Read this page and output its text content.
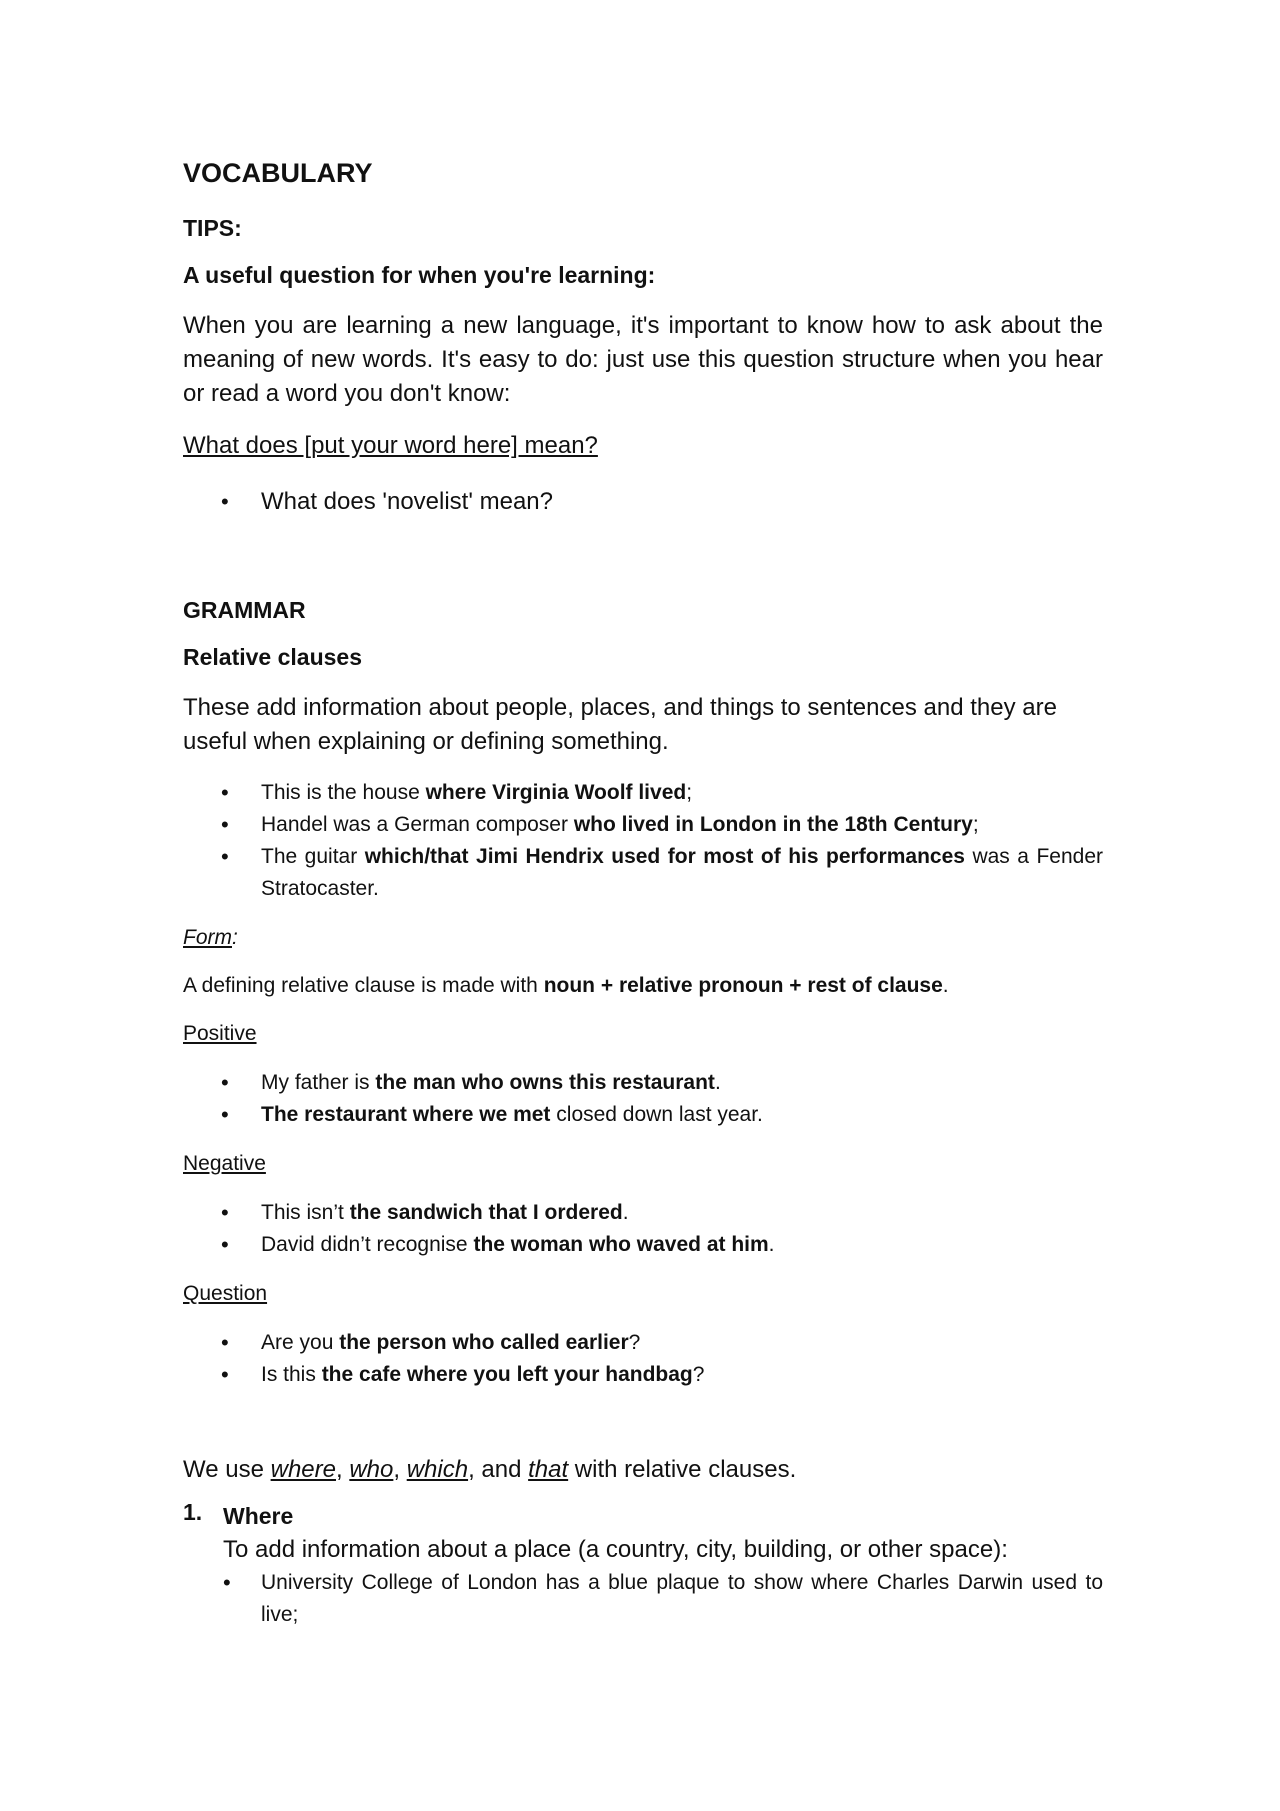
VOCABULARY
TIPS:
A useful question for when you're learning:

When you are learning a new language, it's important to know how to ask about the meaning of new words. It's easy to do: just use this question structure when you hear or read a word you don't know:

What does [put your word here] mean?

• What does 'novelist' mean?
GRAMMAR
Relative clauses

These add information about people, places, and things to sentences and they are useful when explaining or defining something.

• This is the house where Virginia Woolf lived;
• Handel was a German composer who lived in London in the 18th Century;
• The guitar which/that Jimi Hendrix used for most of his performances was a Fender Stratocaster.

Form:

A defining relative clause is made with noun + relative pronoun + rest of clause.

Positive

• My father is the man who owns this restaurant.
• The restaurant where we met closed down last year.

Negative

• This isn’t the sandwich that I ordered.
• David didn’t recognise the woman who waved at him.

Question

• Are you the person who called earlier?
• Is this the cafe where you left your handbag?

We use where, who, which, and that with relative clauses.

1. Where
To add information about a place (a country, city, building, or other space):
• University College of London has a blue plaque to show where Charles Darwin used to live;
